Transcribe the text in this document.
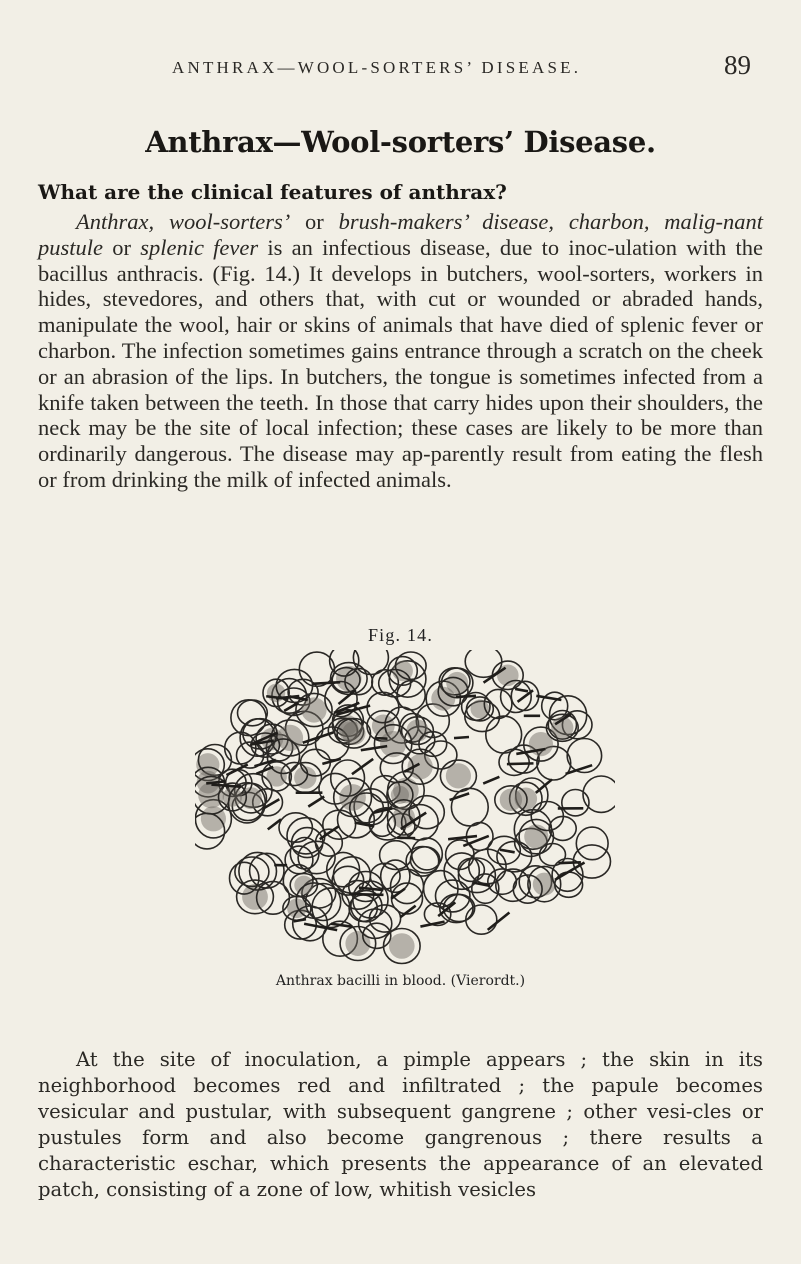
ANTHRAX—WOOL-SORTERS’ DISEASE.	89
Anthrax—Wool-sorters’ Disease.
What are the clinical features of anthrax?

Anthrax, wool-sorters’ or brush-makers’ disease, charbon, malig-nant pustule or splenic fever is an infectious disease, due to inoc-ulation with the bacillus anthracis. (Fig. 14.) It develops in butchers, wool-sorters, workers in hides, stevedores, and others that, with cut or wounded or abraded hands, manipulate the wool, hair or skins of animals that have died of splenic fever or charbon. The infection sometimes gains entrance through a scratch on the cheek or an abrasion of the lips. In butchers, the tongue is sometimes infected from a knife taken between the teeth. In those that carry hides upon their shoulders, the neck may be the site of local infection; these cases are likely to be more than ordinarily dangerous. The disease may ap-parently result from eating the flesh or from drinking the milk of infected animals.

Fig. 14.
Anthrax bacilli in blood. (Vierordt.)

At the site of inoculation, a pimple appears ; the skin in its neighborhood becomes red and infiltrated ; the papule becomes vesicular and pustular, with subsequent gangrene ; other vesi-cles or pustules form and also become gangrenous ; there results a characteristic eschar, which presents the appearance of an elevated patch, consisting of a zone of low, whitish vesicles
